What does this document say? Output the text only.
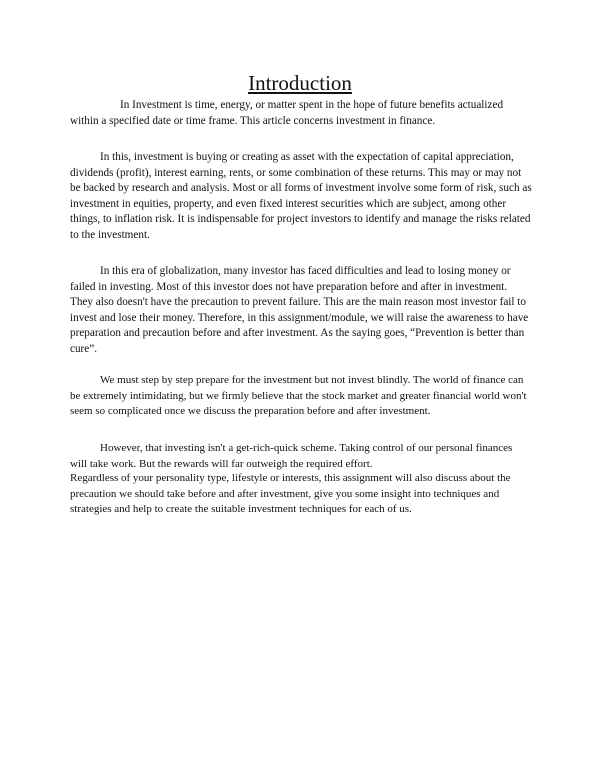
Introduction

In Investment is time, energy, or matter spent in the hope of future benefits actualized within a specified date or time frame. This article concerns investment in finance.

In this, investment is buying or creating as asset with the expectation of capital appreciation, dividends (profit), interest earning, rents, or some combination of these returns. This may or may not be backed by research and analysis. Most or all forms of investment involve some form of risk, such as investment in equities, property, and even fixed interest securities which are subject, among other things, to inflation risk. It is indispensable for project investors to identify and manage the risks related to the investment.

In this era of globalization, many investor has faced difficulties and lead to losing money or failed in investing. Most of this investor does not have preparation before and after in investment. They also doesn't have the precaution to prevent failure. This are the main reason most investor fail to invest and lose their money. Therefore, in this assignment/module, we will raise the awareness to have preparation and precaution before and after investment. As the saying goes, “Prevention is better than cure”.

We must step by step prepare for the investment but not invest blindly. The world of finance can be extremely intimidating, but we firmly believe that the stock market and greater financial world won't seem so complicated once we discuss the preparation before and after investment.

However, that investing isn't a get-rich-quick scheme. Taking control of our personal finances will take work. But the rewards will far outweigh the required effort.

Regardless of your personality type, lifestyle or interests, this assignment will also discuss about the precaution we should take before and after investment, give you some insight into techniques and strategies and help to create the suitable investment techniques for each of us.
